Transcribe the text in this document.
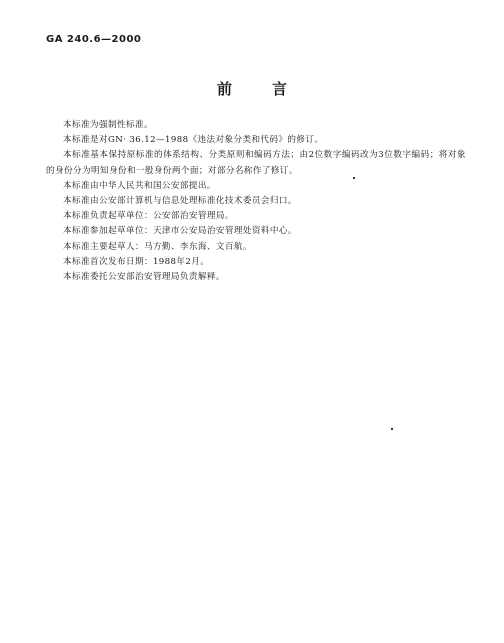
GA 240.6—2000
前言

本标准为强制性标准。

本标准是对GN· 36.12—1988《违法对象分类和代码》的修订。

本标准基本保持原标准的体系结构、分类原则和编码方法；由2位数字编码改为3位数字编码；将对象的身份分为明知身份和一般身份两个面；对部分名称作了修订。

本标准由中华人民共和国公安部提出。

本标准由公安部计算机与信息处理标准化技术委员会归口。

本标准负责起草单位：公安部治安管理局。

本标准参加起草单位：天津市公安局治安管理处资料中心。

本标准主要起草人：马方勤、李东海、文百航。

本标准首次发布日期：1988年2月。

本标准委托公安部治安管理局负责解释。
